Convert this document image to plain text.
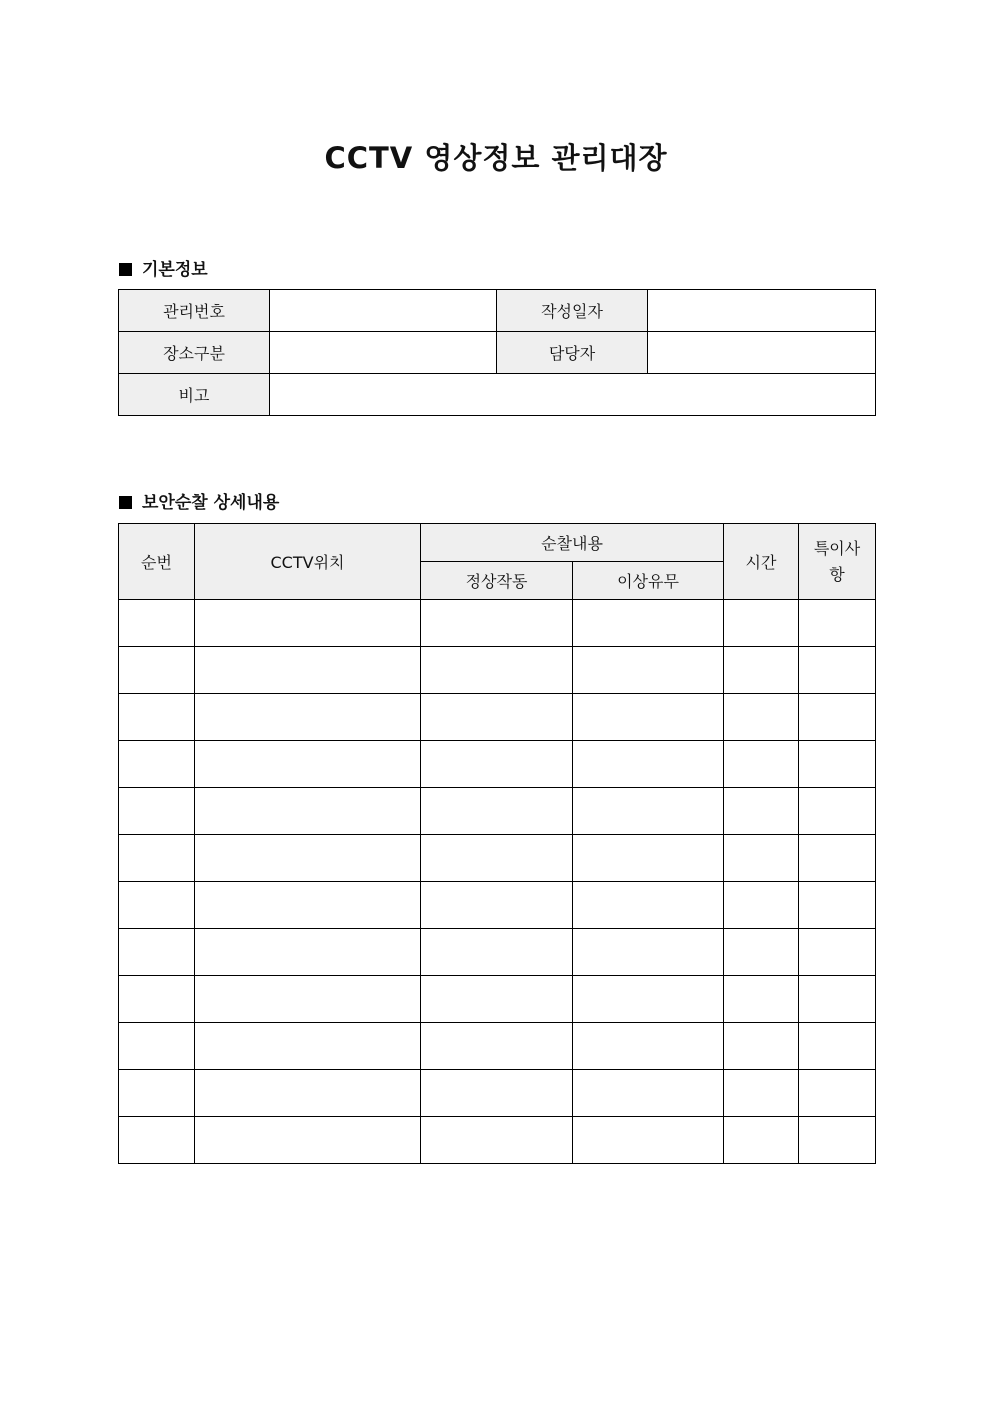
CCTV 영상정보 관리대장
기본정보
관리번호		작성일자	
장소구분		담당자	
비고			
보안순찰 상세내용
순번	CCTV위치	순찰내용		시간	특이사항
		정상작동	이상유무		
